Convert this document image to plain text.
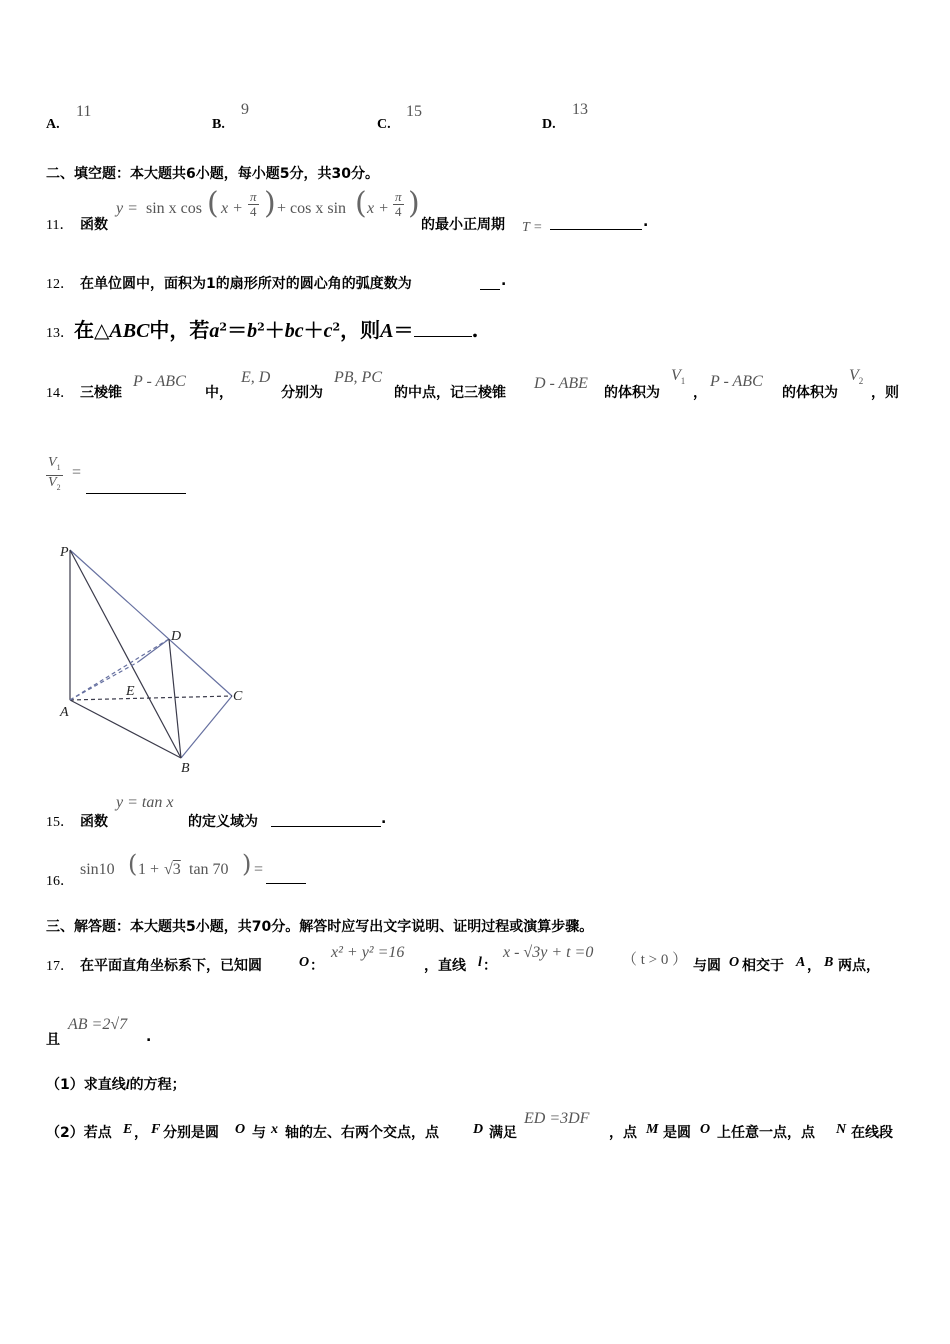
A.
11
B.
9
C.
15
D.
13
二、填空题：本大题共6小题，每小题5分，共30分。
11． 函数
y = sin x cos ( $x + \frac{\pi}{4}$ ) + cos x sin ( $x + \frac{\pi}{4}$ )
的最小正周期 T =	.
12． 在单位圆中，面积为1的扇形所对的圆心角的弧度数为	.
13．在△ABC中，若$a^2=b^2+bc+c^2$，则A＝	.
14． 三棱锥
P - ABC
中，
E, D
分别为
PB, PC
的中点，记三棱锥
D - ABE
的体积为
$V_1$
，
P - ABC
的体积为
$V_2$
，则
$\frac{V_1}{V_2}$ =
P
D
E
A
C
B
15． 函数
y = tan x
的定义域为	.
16．
sin10 ( 1 + √3 tan 70 ) =
三、解答题：本大题共5小题，共70分。解答时应写出文字说明、证明过程或演算步骤。
17． 在平面直角坐标系下，已知圆	O ：
x² + y² =16
，直线 l ：
x - √3y + t =0 （ t > 0 ） 与圆 O 相交于 A ， B 两点，
且
AB =2√7
.
（1）求直线l的方程；
（2）若点 E ， F 分别是圆 O 与 x 轴的左、右两个交点，点 D 满足
ED =3DF
，点 M 是圆 O 上任意一点，点 N 在线段
